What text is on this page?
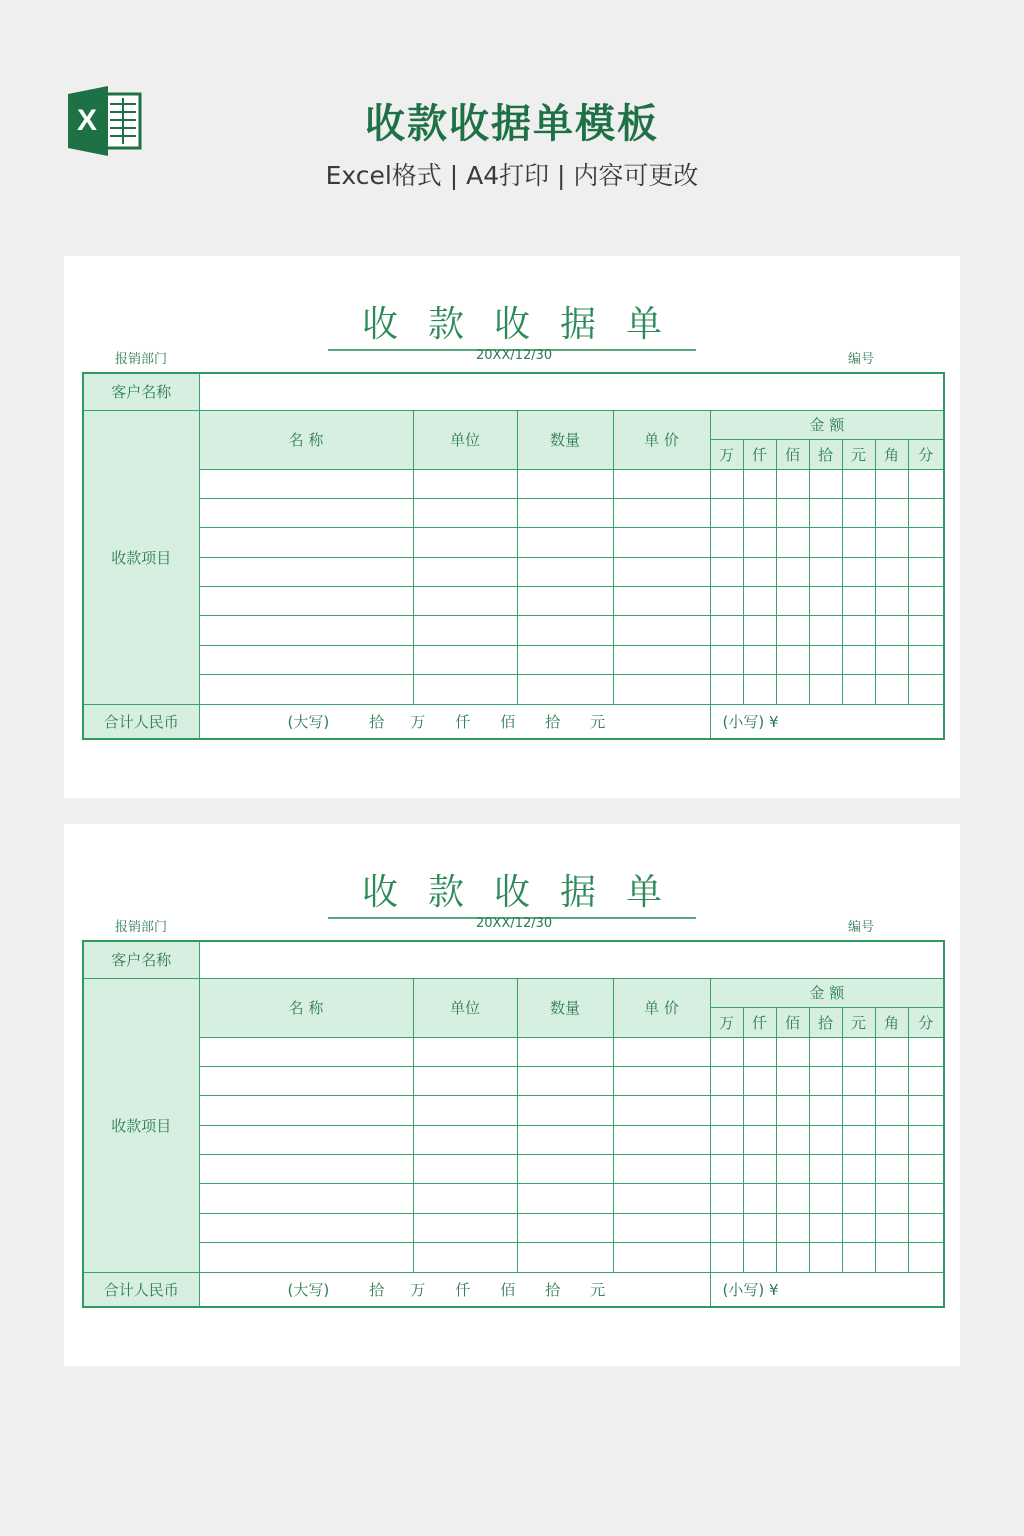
X	收款收据单模板
Excel格式 | A4打印 | 内容可更改
收款收据单
报销部门	20XX/12/30	编号
客户名称											
收款项目	名 称	单位	数量	单 价	金 额						
					万	仟	佰	拾	元	角	分

合计人民币	(大写) 拾 万 仟 佰 拾 元				(小写) ¥						
收款收据单
报销部门	20XX/12/30	编号
客户名称											
收款项目	名 称	单位	数量	单 价	金 额						
					万	仟	佰	拾	元	角	分

合计人民币	(大写) 拾 万 仟 佰 拾 元				(小写) ¥						
